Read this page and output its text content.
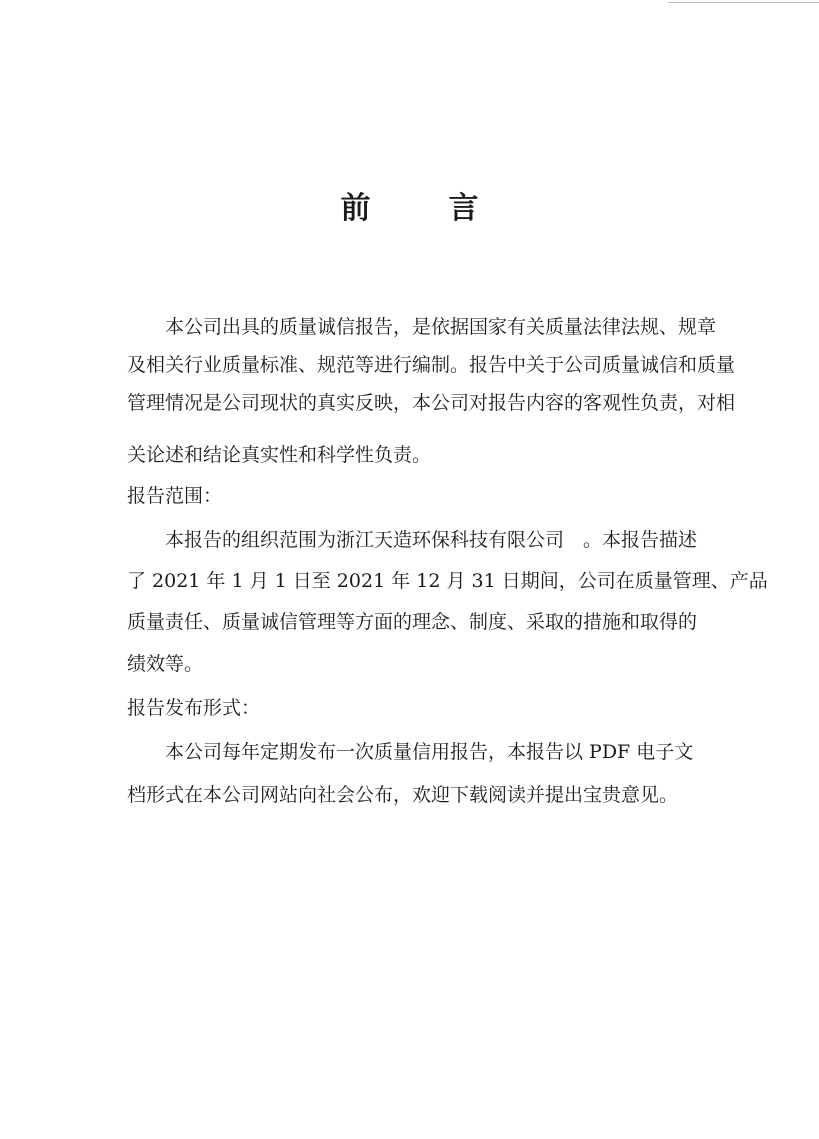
前　言
　　本公司出具的质量诚信报告，是依据国家有关质量法律法规、规章
及相关行业质量标准、规范等进行编制。报告中关于公司质量诚信和质量
管理情况是公司现状的真实反映，本公司对报告内容的客观性负责，对相
关论述和结论真实性和科学性负责。
报告范围：
　　本报告的组织范围为浙江天造环保科技有限公司　。本报告描述
了 2021 年 1 月 1 日至 2021 年 12 月 31 日期间，公司在质量管理、产品
质量责任、质量诚信管理等方面的理念、制度、采取的措施和取得的
绩效等。
报告发布形式：
　　本公司每年定期发布一次质量信用报告，本报告以 PDF 电子文
档形式在本公司网站向社会公布，欢迎下载阅读并提出宝贵意见。
